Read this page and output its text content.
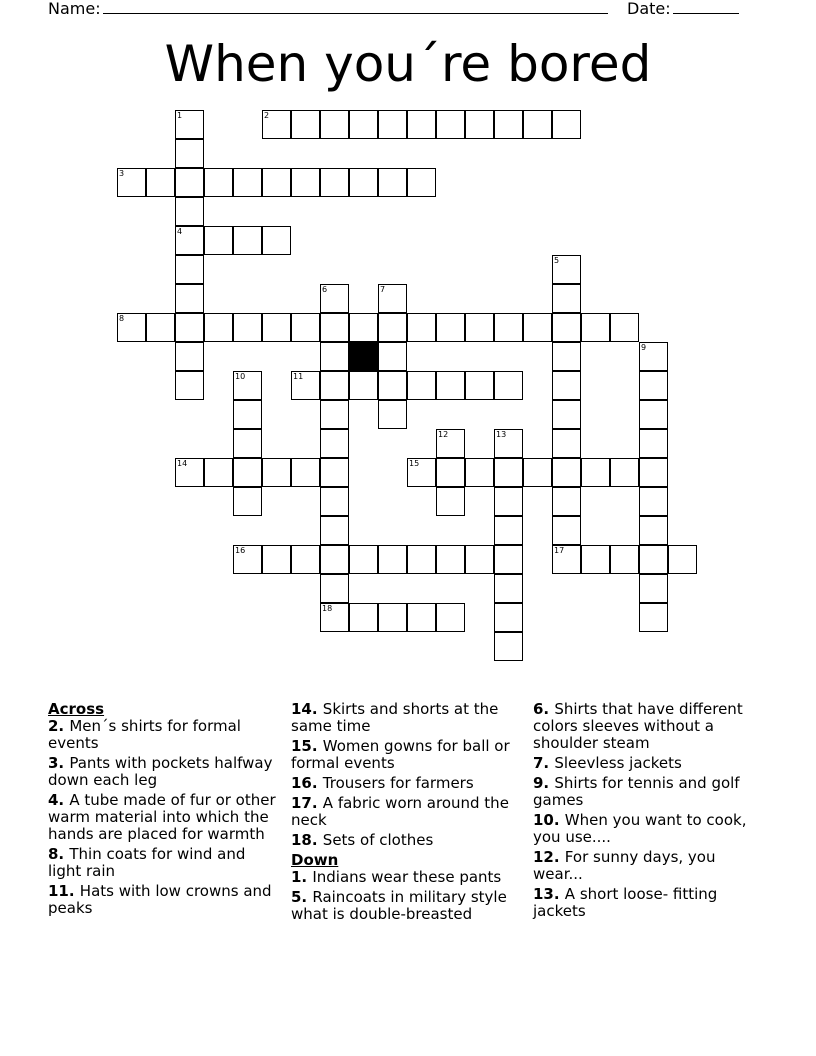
Name:	Date:
When you´re bored
1	2
3
4
5
6	7
8
9
10	11
12	13
14	15
16	17
18
Across
2. Men´s shirts for formal events
3. Pants with pockets halfway down each leg
4. A tube made of fur or other warm material into which the hands are placed for warmth
8. Thin coats for wind and light rain
11. Hats with low crowns and peaks
14. Skirts and shorts at the same time
15. Women gowns for ball or formal events
16. Trousers for farmers
17. A fabric worn around the neck
18. Sets of clothes
Down
1. Indians wear these pants
5. Raincoats in military style what is double-breasted
6. Shirts that have different colors sleeves without a shoulder steam
7. Sleevless jackets
9. Shirts for tennis and golf games
10. When you want to cook, you use....
12. For sunny days, you wear...
13. A short loose- fitting jackets
